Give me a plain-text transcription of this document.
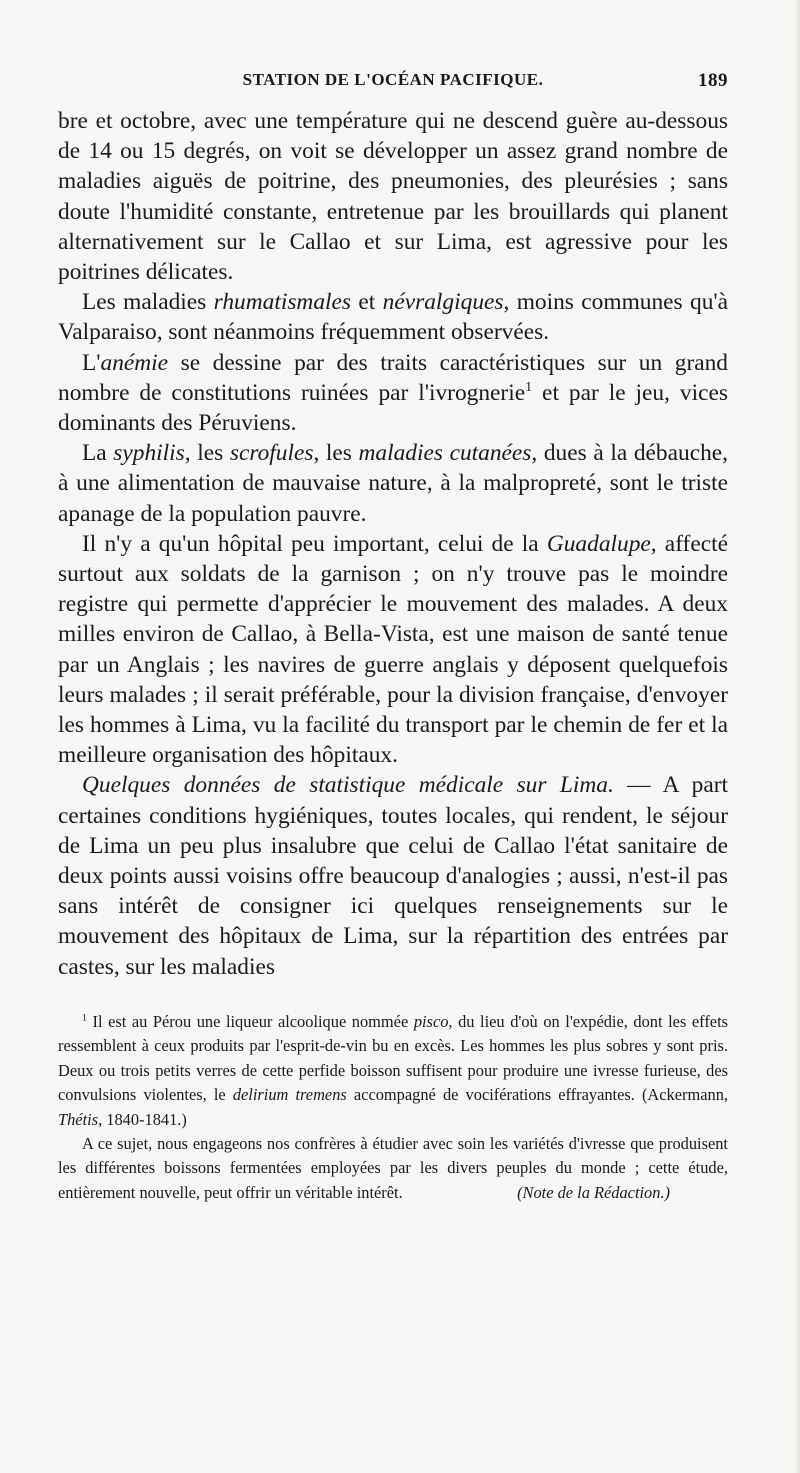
STATION DE L'OCÉAN PACIFIQUE.	189

bre et octobre, avec une température qui ne descend guère au-dessous de 14 ou 15 degrés, on voit se développer un assez grand nombre de maladies aiguës de poitrine, des pneumonies, des pleurésies ; sans doute l'humidité constante, entretenue par les brouillards qui planent alternativement sur le Callao et sur Lima, est agressive pour les poitrines délicates.

Les maladies rhumatismales et névralgiques, moins communes qu'à Valparaiso, sont néanmoins fréquemment observées.

L'anémie se dessine par des traits caractéristiques sur un grand nombre de constitutions ruinées par l'ivrognerie$^1$ et par le jeu, vices dominants des Péruviens.

La syphilis, les scrofules, les maladies cutanées, dues à la débauche, à une alimentation de mauvaise nature, à la malpropreté, sont le triste apanage de la population pauvre.

Il n'y a qu'un hôpital peu important, celui de la Guadalupe, affecté surtout aux soldats de la garnison ; on n'y trouve pas le moindre registre qui permette d'apprécier le mouvement des malades. A deux milles environ de Callao, à Bella-Vista, est une maison de santé tenue par un Anglais ; les navires de guerre anglais y déposent quelquefois leurs malades ; il serait préférable, pour la division française, d'envoyer les hommes à Lima, vu la facilité du transport par le chemin de fer et la meilleure organisation des hôpitaux.

Quelques données de statistique médicale sur Lima. — A part certaines conditions hygiéniques, toutes locales, qui rendent, le séjour de Lima un peu plus insalubre que celui de Callao l'état sanitaire de deux points aussi voisins offre beaucoup d'analogies ; aussi, n'est-il pas sans intérêt de consigner ici quelques renseignements sur le mouvement des hôpitaux de Lima, sur la répartition des entrées par castes, sur les maladies

$^1$ Il est au Pérou une liqueur alcoolique nommée pisco, du lieu d'où on l'expédie, dont les effets ressemblent à ceux produits par l'esprit-de-vin bu en excès. Les hommes les plus sobres y sont pris. Deux ou trois petits verres de cette perfide boisson suffisent pour produire une ivresse furieuse, des convulsions violentes, le delirium tremens accompagné de vociférations effrayantes. (Ackermann, Thétis, 1840-1841.)

A ce sujet, nous engageons nos confrères à étudier avec soin les variétés d'ivresse que produisent les différentes boissons fermentées employées par les divers peuples du monde ; cette étude, entièrement nouvelle, peut offrir un véritable intérêt.	(Note de la Rédaction.)
